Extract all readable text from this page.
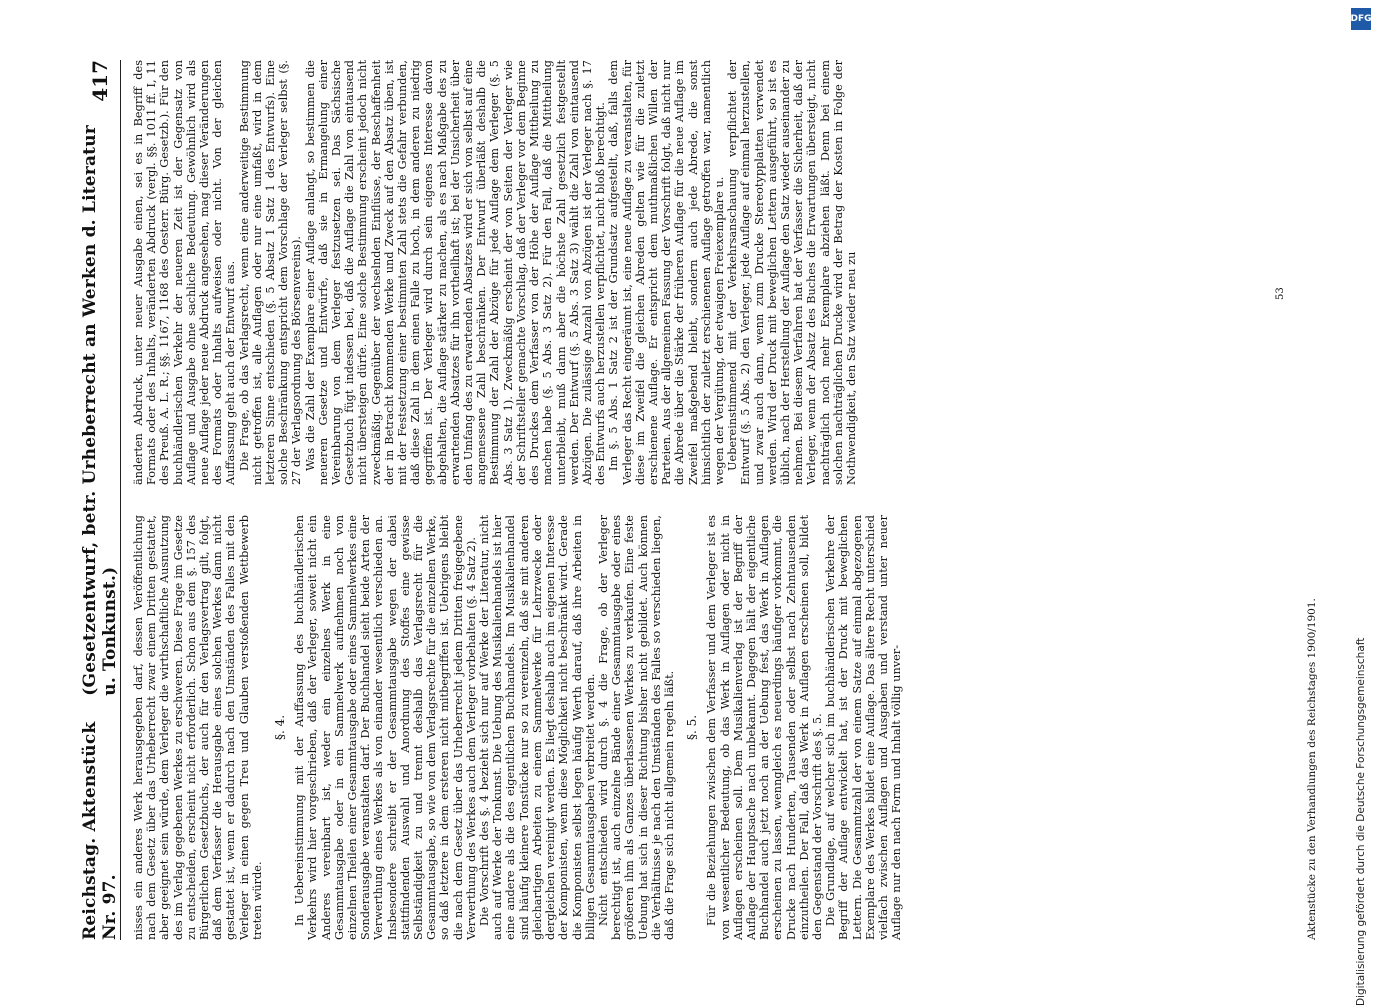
Reichstag. Aktenstück Nr. 97.
(Gesetzentwurf, betr. Urheberrecht an Werken d. Literatur u. Tonkunst.)
417

nisses ein anderes Werk herausgegeben darf, dessen Veröffentlichung nach dem Gesetz über das Urheberrecht zwar einem Dritten gestattet, aber geeignet sein würde, dem Verleger die wirthschaftliche Ausnutzung des im Verlag gegebenen Werkes zu erschweren. Diese Frage im Gesetze zu entscheiden, erscheint nicht erforderlich. Schon aus dem §. 157 des Bürgerlichen Gesetzbuchs, der auch für den Verlagsvertrag gilt, folgt, daß dem Verfasser die Herausgabe eines solchen Werkes dann nicht gestattet ist, wenn er dadurch nach den Umständen des Falles mit den Verleger in einen gegen Treu und Glauben verstoßenden Wettbewerb treten würde.

§. 4. In Uebereinstimmung mit der Auffassung des buchhändlerischen Verkehrs wird hier vorgeschrieben, daß der Verleger, soweit nicht ein Anderes vereinbart ist, weder ein einzelnes Werk in eine Gesammtausgabe oder in ein Sammelwerk aufnehmen noch von einzelnen Theilen einer Gesammtausgabe oder eines Sammelwerkes eine Sonderausgabe veranstalten darf. Der Buchhandel sieht beide Arten der Verwerthung eines Werkes als von einander wesentlich verschieden an. Insbesondere schreibt er der Gesammtausgabe wegen der dabei stattfindenden Auswahl und Anordnung des Stoffes eine gewisse Selbständigkeit zu und trennt deshalb das Verlagsrecht für die Gesammtausgabe, so wie von dem Verlagsrechte für die einzelnen Werke, so daß letztere in dem ersteren nicht mitbegriffen ist. Uebrigens bleibt die nach dem Gesetz über das Urheberrecht jedem Dritten freigegebene Verwerthung des Werkes auch dem Verleger vorbehalten (§. 4 Satz 2). Die Vorschrift des §. 4 bezieht sich nur auf Werke der Literatur, nicht auch auf Werke der Tonkunst. Die Uebung des Musikalienhandels ist hier eine andere als die des eigentlichen Buchhandels. Im Musikalienhandel sind häufig kleinere Tonstücke nur so zu vereinzeln, daß sie mit anderen gleichartigen Arbeiten zu einem Sammelwerke für Lehrzwecke oder dergleichen vereinigt werden. Es liegt deshalb auch im eigenen Interesse der Komponisten, wenn diese Möglichkeit nicht beschränkt wird. Gerade die Komponisten selbst legen häufig Werth darauf, daß ihre Arbeiten in billigen Gesammtausgaben verbreitet werden. Nicht entschieden wird durch §. 4 die Frage, ob der Verleger berechtigt ist, auch einzelne Bände einer Gesammtausgabe oder eines größeren ihm als Ganzes überlassenen Werkes zu verkaufen. Eine feste Uebung hat sich in dieser Richtung bisher nicht gebildet. Auch können die Verhältnisse je nach den Umständen des Falles so verschieden liegen, daß die Frage sich nicht allgemein regeln läßt. §. 5. Für die Beziehungen zwischen dem Verfasser und dem Verleger ist es von wesentlicher Bedeutung, ob das Werk in Auflagen oder nicht in Auflagen erscheinen soll. Dem Musikalienverlag ist der Begriff der Auflage der Hauptsache nach unbekannt. Dagegen hält der eigentliche Buchhandel auch jetzt noch an der Uebung fest, das Werk in Auflagen erscheinen zu lassen, wenngleich es neuerdings häufiger vorkommt, die Drucke nach Hunderten, Tausenden oder selbst nach Zehntausenden einzutheilen. Der Fall, daß das Werk in Auflagen erscheinen soll, bildet den Gegenstand der Vorschrift des §. 5. Die Grundlage, auf welcher sich im buchhändlerischen Verkehre der Begriff der Auflage entwickelt hat, ist der Druck mit beweglichen Lettern. Die Gesammtzahl der von einem Satze auf einmal abgezogenen Exemplare des Werkes bildet eine Auflage. Das ältere Recht unterschied vielfach zwischen Auflagen und Ausgaben und verstand unter neuer Auflage nur den nach Form und Inhalt völlig unver-

änderten Abdruck, unter neuer Ausgabe einen, sei es in Begriff des Formats oder des Inhalts, veränderten Abdruck (vergl. §§. 1011 ff. I, 11 des Preuß. A. L. R.; §§. 1167, 1168 des Oesterr. Bürg. Gesetzb.). Für den buchhändlerischen Verkehr der neueren Zeit ist der Gegensatz von Auflage und Ausgabe ohne sachliche Bedeutung. Gewöhnlich wird als neue Auflage jeder neue Abdruck angesehen, mag dieser Veränderungen des Formats oder Inhalts aufweisen oder nicht. Von der gleichen Auffassung geht auch der Entwurf aus. Die Frage, ob das Verlagsrecht, wenn eine anderweitige Bestimmung nicht getroffen ist, alle Auflagen oder nur eine umfaßt, wird in dem letzteren Sinne entschieden (§. 5 Absatz 1 Satz 1 des Entwurfs). Eine solche Beschränkung entspricht dem Vorschlage der Verleger selbst (§. 27 der Verlagsordnung des Börsenvereins). Was die Zahl der Exemplare einer Auflage anlangt, so bestimmen die neueren Gesetze und Entwürfe, daß sie in Ermangelung einer Vereinbarung von dem Verleger festzusetzen sei. Das Sächsische Gesetzbuch fügt indessen bei, daß die Auflage die Zahl von eintausend nicht übersteigen dürfe. Eine solche Bestimmung erscheint jedoch nicht zweckmäßig. Gegenüber der wechselnden Einflüsse, der Beschaffenheit der in Betracht kommenden Werke und Zweck auf den Absatz üben, ist mit der Festsetzung einer bestimmten Zahl stets die Gefahr verbunden, daß diese Zahl in dem einen Falle zu hoch, in dem anderen zu niedrig gegriffen ist. Der Verleger wird durch sein eigenes Interesse davon abgehalten, die Auflage stärker zu machen, als es nach Maßgabe des zu erwartenden Absatzes für ihn vortheilhaft ist; bei der Unsicherheit über den Umfang des zu erwartenden Absatzes wird er sich von selbst auf eine angemessene Zahl beschränken. Der Entwurf überläßt deshalb die Bestimmung der Zahl der Abzüge für jede Auflage dem Verleger (§. 5 Abs. 3 Satz 1). Zweckmäßig erscheint der von Seiten der Verleger wie der Schriftsteller gemachte Vorschlag, daß der Verleger vor dem Beginne des Druckes dem Verfasser von der Höhe der Auflage Mittheilung zu machen habe (§. 5 Abs. 3 Satz 2). Für den Fall, daß die Mittheilung unterbleibt, muß dann aber die höchste Zahl gesetzlich festgestellt werden. Der Entwurf (§. 5 Abs. 3 Satz 3) wählt die Zahl von eintausend Abzügen. Die zulässige Anzahl von Abzügen ist der Verleger nach §. 17 des Entwurfs auch herzustellen verpflichtet, nicht bloß berechtigt. Im §. 5 Abs. 1 Satz 2 ist der Grundsatz aufgestellt, daß, falls dem Verleger das Recht eingeräumt ist, eine neue Auflage zu veranstalten, für diese im Zweifel die gleichen Abreden gelten wie für die zuletzt erschienene Auflage. Er entspricht dem muthmaßlichen Willen der Parteien. Aus der allgemeinen Fassung der Vorschrift folgt, daß nicht nur die Abrede über die Stärke der früheren Auflage für die neue Auflage im Zweifel maßgebend bleibt, sondern auch jede Abrede, die sonst hinsichtlich der zuletzt erschienenen Auflage getroffen war, namentlich wegen der Vergütung, der etwaigen Freiexemplare u. Uebereinstimmend mit der Verkehrsanschauung verpflichtet der Entwurf (§. 5 Abs. 2) den Verleger, jede Auflage auf einmal herzustellen, und zwar auch dann, wenn zum Drucke Stereotypplatten verwendet werden. Wird der Druck mit beweglichen Lettern ausgeführt, so ist es üblich, nach der Herstellung der Auflage den Satz wieder auseinander zu nehmen. Bei diesem Verfahren hat der Verfasser die Sicherheit, daß der Verleger, wenn der Absatz des Buches die Erwartungen übersteigt, nicht nachträglich noch mehr Exemplare abziehen läßt. Denn bei einem solchen nachträglichen Drucke wird der Betrag der Kosten in Folge der Nothwendigkeit, den Satz wieder neu zu

Aktenstücke zu den Verhandlungen des Reichstages 1900/1901.
53
DFG
Digitalisierung gefördert durch die Deutsche Forschungsgemeinschaft
